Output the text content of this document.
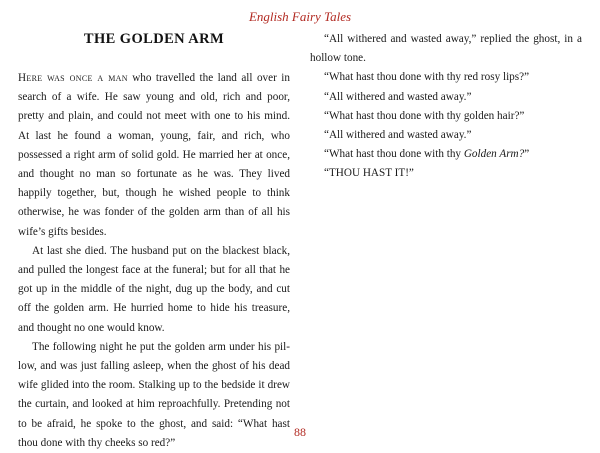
English Fairy Tales

THE GOLDEN ARM

Here was once a man who travelled the land all over in search of a wife. He saw young and old, rich and poor, pretty and plain, and could not meet with one to his mind. At last he found a woman, young, fair, and rich, who possessed a right arm of solid gold. He married her at once, and thought no man so fortunate as he was. They lived happily together, but, though he wished people to think otherwise, he was fonder of the golden arm than of all his wife’s gifts besides.

At last she died. The husband put on the blackest black, and pulled the longest face at the funeral; but for all that he got up in the middle of the night, dug up the body, and cut off the golden arm. He hurried home to hide his treasure, and thought no one would know.

The following night he put the golden arm under his pillow, and was just falling asleep, when the ghost of his dead wife glided into the room. Stalking up to the bedside it drew the curtain, and looked at him reproachfully. Pretending not to be afraid, he spoke to the ghost, and said: “What hast thou done with thy cheeks so red?”

“All withered and wasted away,” replied the ghost, in a hollow tone.

“What hast thou done with thy red rosy lips?”

“All withered and wasted away.”

“What hast thou done with thy golden hair?”

“All withered and wasted away.”

“What hast thou done with thy Golden Arm?”

“THOU HAST IT!”

88
